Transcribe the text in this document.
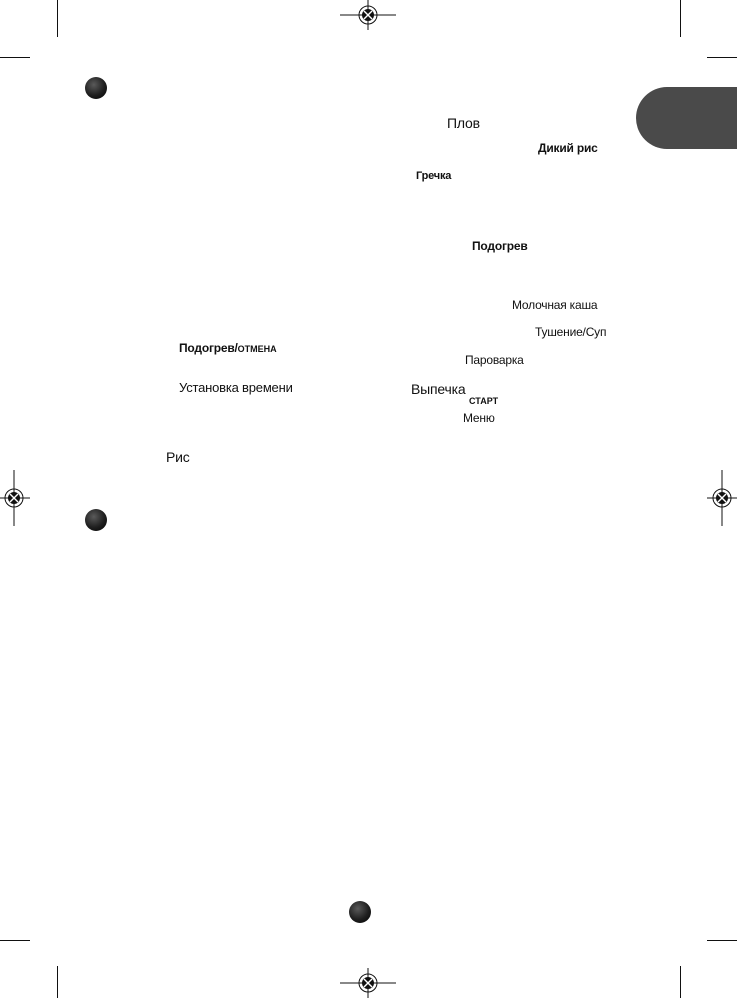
Плов
Дикий рис
Гречка
Подогрев
Молочная каша
Тушение/Суп
Подогрев/ОТМЕНА
Пароварка
Установка времени	Выпечка
СТАРТ
Меню
Рис
